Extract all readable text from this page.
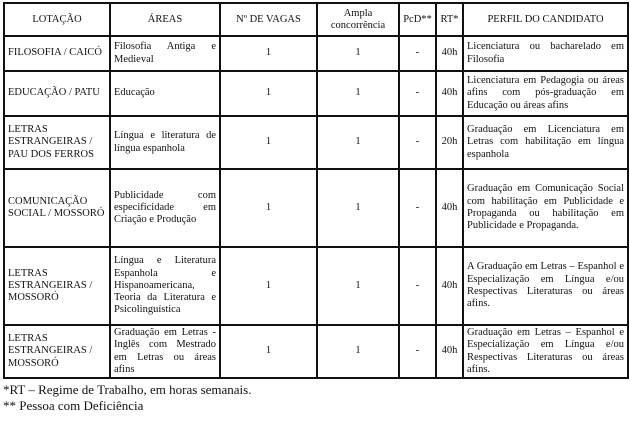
LOTAÇÃO	ÁREAS	Nº DE VAGAS	Ampla concorrência	PcD**	RT*	PERFIL DO CANDIDATO
FILOSOFIA / CAICÓ	Filosofia Antiga e Medieval	1	1	-	40h	Licenciatura ou bacharelado em Filosofia
EDUCAÇÃO / PATU	Educação	1	1	-	40h	Licenciatura em Pedagogia ou áreas afins com pós-graduação em Educação ou áreas afins
LETRAS ESTRANGEIRAS / PAU DOS FERROS	Língua e literatura de língua espanhola	1	1	-	20h	Graduação em Licenciatura em Letras com habilitação em língua espanhola
COMUNICAÇÃO SOCIAL / MOSSORÓ	Publicidade com especificidade em Criação e Produção	1	1	-	40h	Graduação em Comunicação Social com habilitação em Publicidade e Propaganda ou habilitação em Publicidade e Propaganda.
LETRAS ESTRANGEIRAS / MOSSORÓ	Língua e Literatura Espanhola e Hispanoamericana, Teoria da Literatura e Psicolinguística	1	1	-	40h	A Graduação em Letras – Espanhol e Especialização em Língua e/ou Respectivas Literaturas ou áreas afins.
LETRAS ESTRANGEIRAS / MOSSORÓ	Graduação em Letras - Inglês com Mestrado em Letras ou áreas afins	1	1	-	40h	Graduação em Letras – Espanhol e Especialização em Língua e/ou Respectivas Literaturas ou áreas afins.
*RT – Regime de Trabalho, em horas semanais.
** Pessoa com Deficiência
